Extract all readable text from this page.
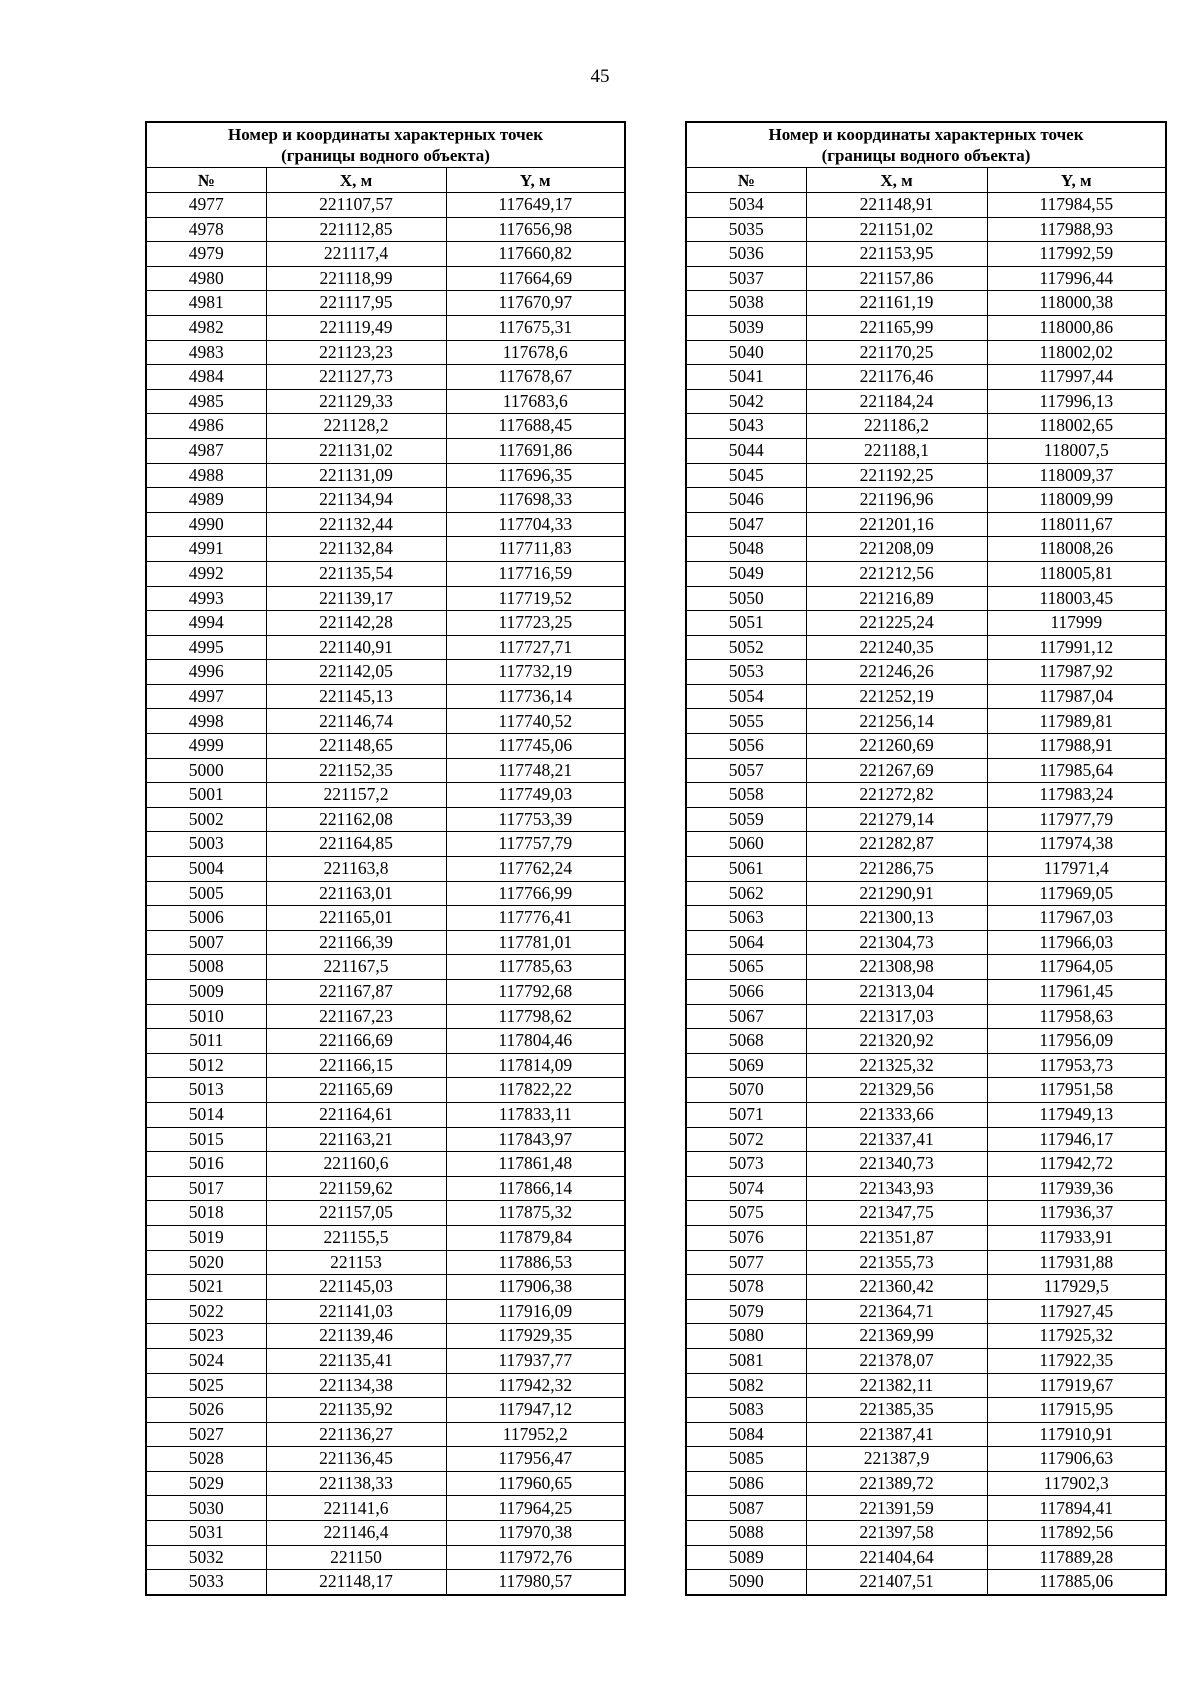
45
Номер и координаты характерных точек
(границы водного объекта)		

№	X, м	Y, м
4977	221107,57	117649,17
4978	221112,85	117656,98
4979	221117,4	117660,82
4980	221118,99	117664,69
4981	221117,95	117670,97
4982	221119,49	117675,31
4983	221123,23	117678,6
4984	221127,73	117678,67
4985	221129,33	117683,6
4986	221128,2	117688,45
4987	221131,02	117691,86
4988	221131,09	117696,35
4989	221134,94	117698,33
4990	221132,44	117704,33
4991	221132,84	117711,83
4992	221135,54	117716,59
4993	221139,17	117719,52
4994	221142,28	117723,25
4995	221140,91	117727,71
4996	221142,05	117732,19
4997	221145,13	117736,14
4998	221146,74	117740,52
4999	221148,65	117745,06
5000	221152,35	117748,21
5001	221157,2	117749,03
5002	221162,08	117753,39
5003	221164,85	117757,79
5004	221163,8	117762,24
5005	221163,01	117766,99
5006	221165,01	117776,41
5007	221166,39	117781,01
5008	221167,5	117785,63
5009	221167,87	117792,68
5010	221167,23	117798,62
5011	221166,69	117804,46
5012	221166,15	117814,09
5013	221165,69	117822,22
5014	221164,61	117833,11
5015	221163,21	117843,97
5016	221160,6	117861,48
5017	221159,62	117866,14
5018	221157,05	117875,32
5019	221155,5	117879,84
5020	221153	117886,53
5021	221145,03	117906,38
5022	221141,03	117916,09
5023	221139,46	117929,35
5024	221135,41	117937,77
5025	221134,38	117942,32
5026	221135,92	117947,12
5027	221136,27	117952,2
5028	221136,45	117956,47
5029	221138,33	117960,65
5030	221141,6	117964,25
5031	221146,4	117970,38
5032	221150	117972,76
5033	221148,17	117980,57
Номер и координаты характерных точек
(границы водного объекта)		

№	X, м	Y, м
5034	221148,91	117984,55
5035	221151,02	117988,93
5036	221153,95	117992,59
5037	221157,86	117996,44
5038	221161,19	118000,38
5039	221165,99	118000,86
5040	221170,25	118002,02
5041	221176,46	117997,44
5042	221184,24	117996,13
5043	221186,2	118002,65
5044	221188,1	118007,5
5045	221192,25	118009,37
5046	221196,96	118009,99
5047	221201,16	118011,67
5048	221208,09	118008,26
5049	221212,56	118005,81
5050	221216,89	118003,45
5051	221225,24	117999
5052	221240,35	117991,12
5053	221246,26	117987,92
5054	221252,19	117987,04
5055	221256,14	117989,81
5056	221260,69	117988,91
5057	221267,69	117985,64
5058	221272,82	117983,24
5059	221279,14	117977,79
5060	221282,87	117974,38
5061	221286,75	117971,4
5062	221290,91	117969,05
5063	221300,13	117967,03
5064	221304,73	117966,03
5065	221308,98	117964,05
5066	221313,04	117961,45
5067	221317,03	117958,63
5068	221320,92	117956,09
5069	221325,32	117953,73
5070	221329,56	117951,58
5071	221333,66	117949,13
5072	221337,41	117946,17
5073	221340,73	117942,72
5074	221343,93	117939,36
5075	221347,75	117936,37
5076	221351,87	117933,91
5077	221355,73	117931,88
5078	221360,42	117929,5
5079	221364,71	117927,45
5080	221369,99	117925,32
5081	221378,07	117922,35
5082	221382,11	117919,67
5083	221385,35	117915,95
5084	221387,41	117910,91
5085	221387,9	117906,63
5086	221389,72	117902,3
5087	221391,59	117894,41
5088	221397,58	117892,56
5089	221404,64	117889,28
5090	221407,51	117885,06
